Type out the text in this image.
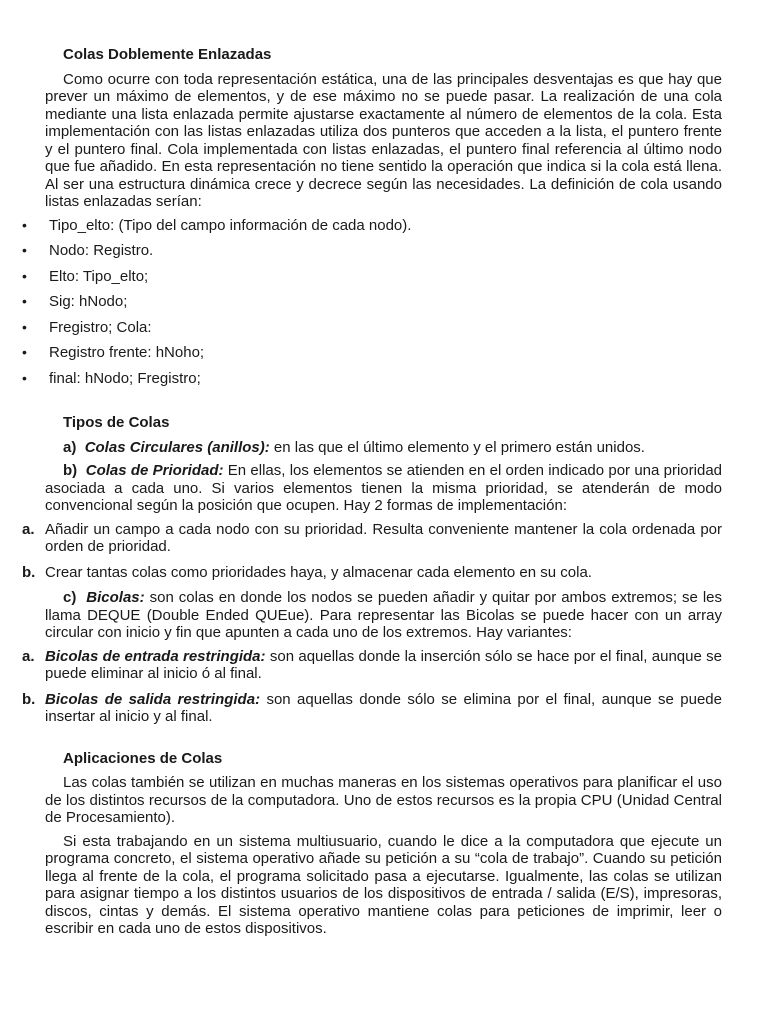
Colas Doblemente Enlazadas

Como ocurre con toda representación estática, una de las principales desventajas es que hay que prever un máximo de elementos, y de ese máximo no se puede pasar. La realización de una cola mediante una lista enlazada permite ajustarse exactamente al número de elementos de la cola. Esta implementación con las listas enlazadas utiliza dos punteros que acceden a la lista, el puntero frente y el puntero final. Cola implementada con listas enlazadas, el puntero final referencia al último nodo que fue añadido. En esta representación no tiene sentido la operación que indica si la cola está llena. Al ser una estructura dinámica crece y decrece según las necesidades. La definición de cola usando listas enlazadas serían:

• Tipo_elto: (Tipo del campo información de cada nodo).
• Nodo: Registro.
• Elto: Tipo_elto;
• Sig: hNodo;
• Fregistro; Cola:
• Registro frente: hNoho;
• final: hNodo; Fregistro;
Tipos de Colas

a) Colas Circulares (anillos): en las que el último elemento y el primero están unidos.

b) Colas de Prioridad: En ellas, los elementos se atienden en el orden indicado por una prioridad asociada a cada uno. Si varios elementos tienen la misma prioridad, se atenderán de modo convencional según la posición que ocupen. Hay 2 formas de implementación:

a. Añadir un campo a cada nodo con su prioridad. Resulta conveniente mantener la cola ordenada por orden de prioridad.
b. Crear tantas colas como prioridades haya, y almacenar cada elemento en su cola.

c) Bicolas: son colas en donde los nodos se pueden añadir y quitar por ambos extremos; se les llama DEQUE (Double Ended QUEue). Para representar las Bicolas se puede hacer con un array circular con inicio y fin que apunten a cada uno de los extremos. Hay variantes:

a. Bicolas de entrada restringida: son aquellas donde la inserción sólo se hace por el final, aunque se puede eliminar al inicio ó al final.
b. Bicolas de salida restringida: son aquellas donde sólo se elimina por el final, aunque se puede insertar al inicio y al final.
Aplicaciones de Colas

Las colas también se utilizan en muchas maneras en los sistemas operativos para planificar el uso de los distintos recursos de la computadora. Uno de estos recursos es la propia CPU (Unidad Central de Procesamiento).

Si esta trabajando en un sistema multiusuario, cuando le dice a la computadora que ejecute un programa concreto, el sistema operativo añade su petición a su “cola de trabajo”. Cuando su petición llega al frente de la cola, el programa solicitado pasa a ejecutarse. Igualmente, las colas se utilizan para asignar tiempo a los distintos usuarios de los dispositivos de entrada / salida (E/S), impresoras, discos, cintas y demás. El sistema operativo mantiene colas para peticiones de imprimir, leer o escribir en cada uno de estos dispositivos.
